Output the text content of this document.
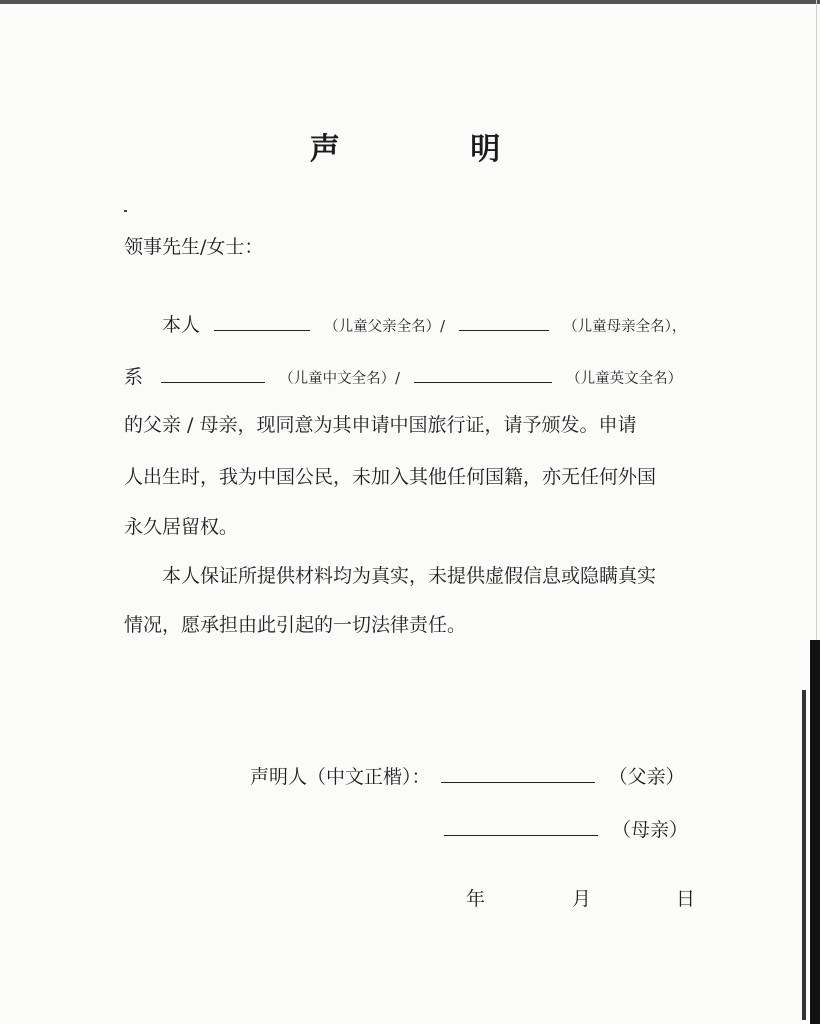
声 明
领事先生/女士：
本人	（儿童父亲全名）/	（儿童母亲全名），
系	（儿童中文全名）/	（儿童英文全名）
的父亲 / 母亲，现同意为其申请中国旅行证，请予颁发。申请
人出生时，我为中国公民，未加入其他任何国籍，亦无任何外国
永久居留权。
本人保证所提供材料均为真实，未提供虚假信息或隐瞒真实
情况，愿承担由此引起的一切法律责任。
声明人（中文正楷）：	（父亲）
（母亲）
年	月	日
